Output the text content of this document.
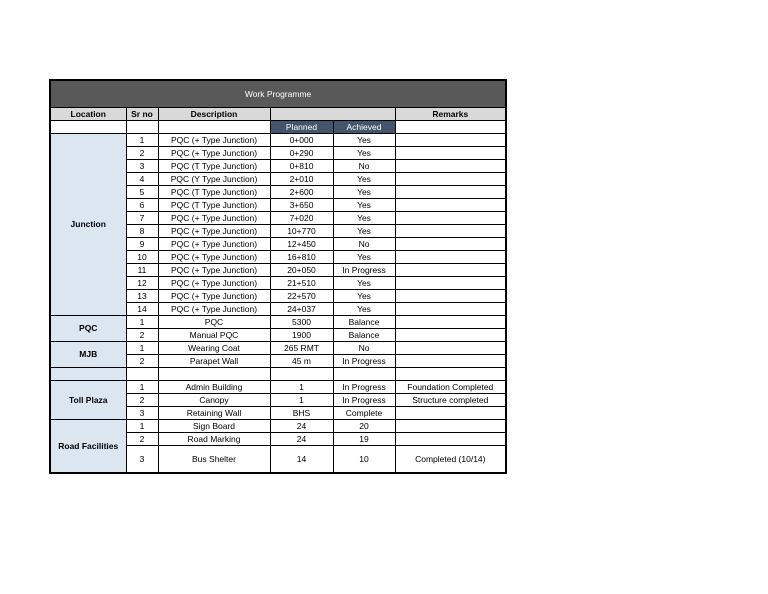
Work Programme					
Location	Sr no	Description			Remarks
			Planned	Achieved	
Junction	1	PQC (+ Type Junction)	0+000	Yes	
	2	PQC (+ Type Junction)	0+290	Yes	
	3	PQC (T Type Junction)	0+810	No	
	4	PQC (Y Type Junction)	2+010	Yes	
	5	PQC (T Type Junction)	2+600	Yes	
	6	PQC (T Type Junction)	3+650	Yes	
	7	PQC (+ Type Junction)	7+020	Yes	
	8	PQC (+ Type Junction)	10+770	Yes	
	9	PQC (+ Type Junction)	12+450	No	
	10	PQC (+ Type Junction)	16+810	Yes	
	11	PQC (+ Type Junction)	20+050	In Progress	
	12	PQC (+ Type Junction)	21+510	Yes	
	13	PQC (+ Type Junction)	22+570	Yes	
	14	PQC (+ Type Junction)	24+037	Yes	
PQC	1	PQC	5300	Balance	
	2	Manual PQC	1900	Balance	
MJB	1	Wearing Coat	265 RMT	No	
	2	Parapet Wall	45 m	In Progress	

Toll Plaza	1	Admin Building	1	In Progress	Foundation Completed
	2	Canopy	1	In Progress	Structure completed
	3	Retaining Wall	BHS	Complete	
Road Facilities	1	Sign Board	24	20	
	2	Road Marking	24	19	
	3	Bus Shelter	14	10	Completed (10/14)
